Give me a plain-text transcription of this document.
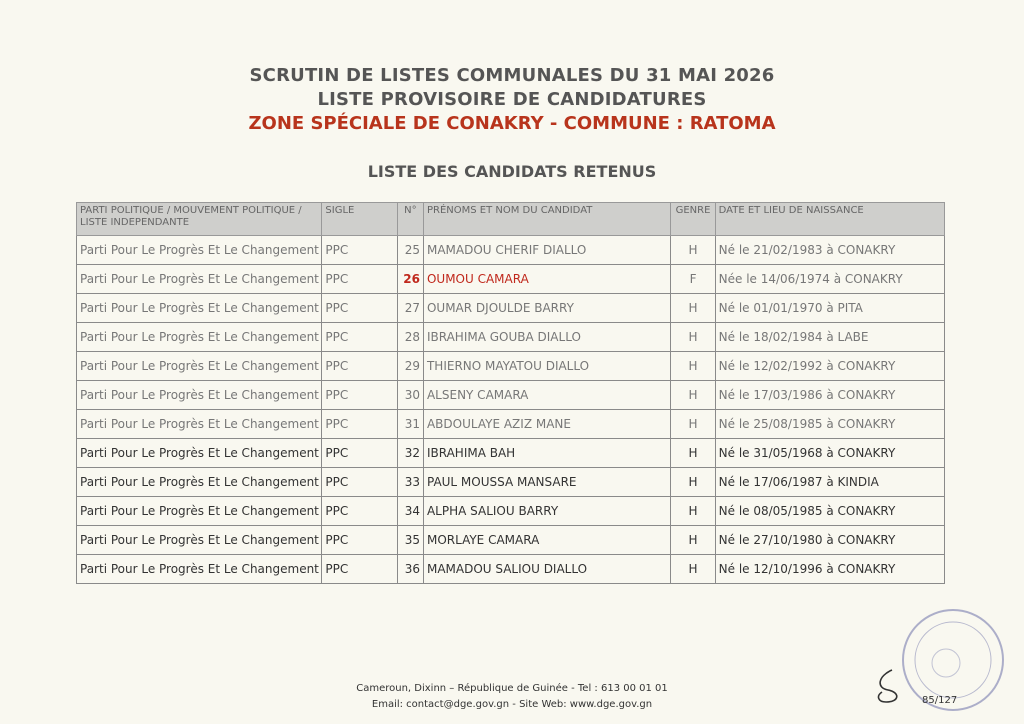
SCRUTIN DE LISTES COMMUNALES DU 31 MAI 2026
LISTE PROVISOIRE DE CANDIDATURES
ZONE SPÉCIALE DE CONAKRY - COMMUNE : RATOMA
LISTE DES CANDIDATS RETENUS
PARTI POLITIQUE / MOUVEMENT POLITIQUE / LISTE INDEPENDANTE	SIGLE	N°	PRÉNOMS ET NOM DU CANDIDAT	GENRE	DATE ET LIEU DE NAISSANCE
Parti Pour Le Progrès Et Le Changement	PPC	25	MAMADOU CHERIF DIALLO	H	Né le 21/02/1983 à CONAKRY
Parti Pour Le Progrès Et Le Changement	PPC	26	OUMOU CAMARA	F	Née le 14/06/1974 à CONAKRY
Parti Pour Le Progrès Et Le Changement	PPC	27	OUMAR DJOULDE BARRY	H	Né le 01/01/1970 à PITA
Parti Pour Le Progrès Et Le Changement	PPC	28	IBRAHIMA GOUBA DIALLO	H	Né le 18/02/1984 à LABE
Parti Pour Le Progrès Et Le Changement	PPC	29	THIERNO MAYATOU DIALLO	H	Né le 12/02/1992 à CONAKRY
Parti Pour Le Progrès Et Le Changement	PPC	30	ALSENY CAMARA	H	Né le 17/03/1986 à CONAKRY
Parti Pour Le Progrès Et Le Changement	PPC	31	ABDOULAYE AZIZ MANE	H	Né le 25/08/1985 à CONAKRY
Parti Pour Le Progrès Et Le Changement	PPC	32	IBRAHIMA BAH	H	Né le 31/05/1968 à CONAKRY
Parti Pour Le Progrès Et Le Changement	PPC	33	PAUL MOUSSA MANSARE	H	Né le 17/06/1987 à KINDIA
Parti Pour Le Progrès Et Le Changement	PPC	34	ALPHA SALIOU BARRY	H	Né le 08/05/1985 à CONAKRY
Parti Pour Le Progrès Et Le Changement	PPC	35	MORLAYE CAMARA	H	Né le 27/10/1980 à CONAKRY
Parti Pour Le Progrès Et Le Changement	PPC	36	MAMADOU SALIOU DIALLO	H	Né le 12/10/1996 à CONAKRY
Cameroun, Dixinn – République de Guinée - Tel : 613 00 01 01
Email: contact@dge.gov.gn - Site Web: www.dge.gov.gn	85/127
